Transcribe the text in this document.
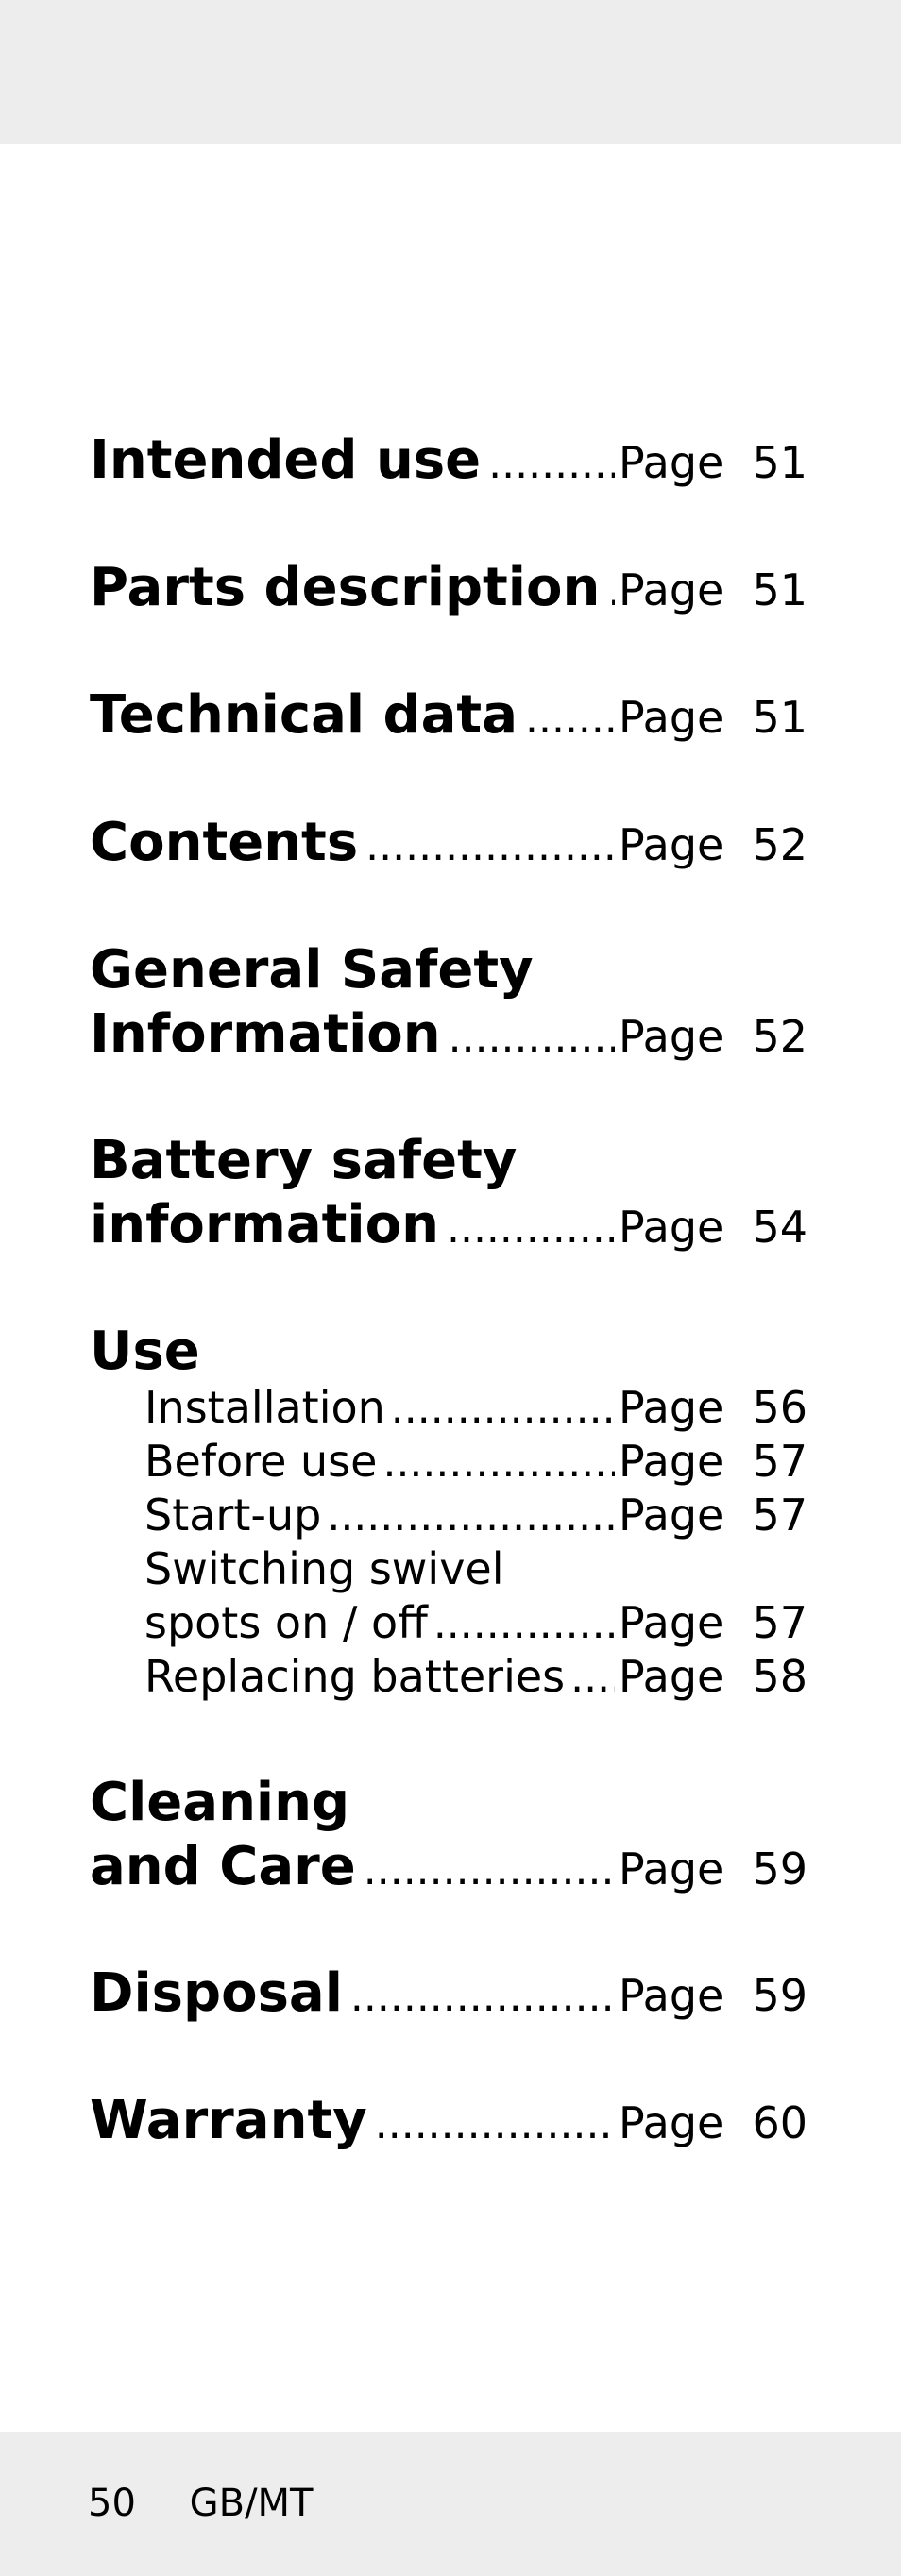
Intended use .....	Page 51
Parts description ..... Page 51
Technical data ..... Page 51
Contents .....	Page 52
General Safety
Information .....	Page 52
Battery safety
information .....	Page 54
Use
Installation .....	Page 56
Before use .....	Page 57
Start-up .....	Page 57
Switching swivel
spots on / off .....	Page 57
Replacing batteries ..... Page 58
Cleaning
and Care .....	Page 59
Disposal .....	Page 59
Warranty .....	Page 60
50 GB/MT
